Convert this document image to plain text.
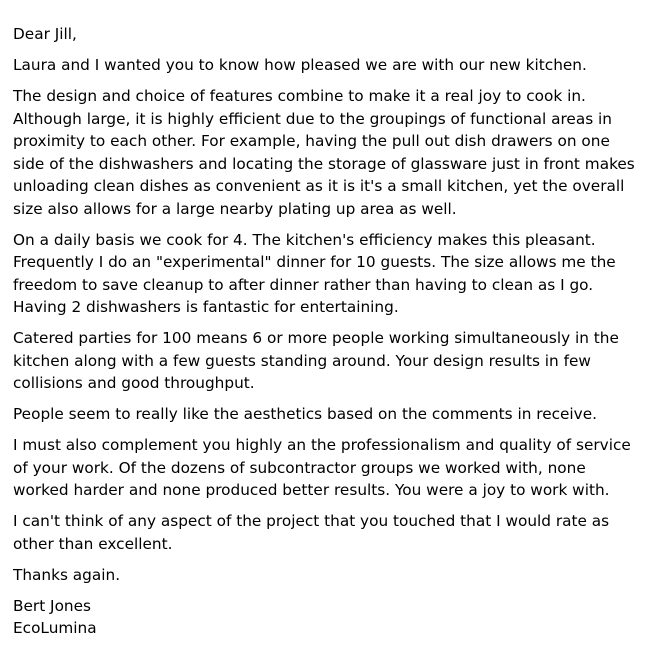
Dear Jill,

Laura and I wanted you to know how pleased we are with our new kitchen.

The design and choice of features combine to make it a real joy to cook in. Although large, it is highly efficient due to the groupings of functional areas in proximity to each other. For example, having the pull out dish drawers on one side of the dishwashers and locating the storage of glassware just in front makes unloading clean dishes as convenient as it is it's a small kitchen, yet the overall size also allows for a large nearby plating up area as well.

On a daily basis we cook for 4. The kitchen's efficiency makes this pleasant. Frequently I do an "experimental" dinner for 10 guests. The size allows me the freedom to save cleanup to after dinner rather than having to clean as I go. Having 2 dishwashers is fantastic for entertaining.

Catered parties for 100 means 6 or more people working simultaneously in the kitchen along with a few guests standing around. Your design results in few collisions and good throughput.

People seem to really like the aesthetics based on the comments in receive.

I must also complement you highly an the professionalism and quality of service of your work. Of the dozens of subcontractor groups we worked with, none worked harder and none produced better results. You were a joy to work with.

I can't think of any aspect of the project that you touched that I would rate as other than excellent.

Thanks again.

Bert Jones
EcoLumina
